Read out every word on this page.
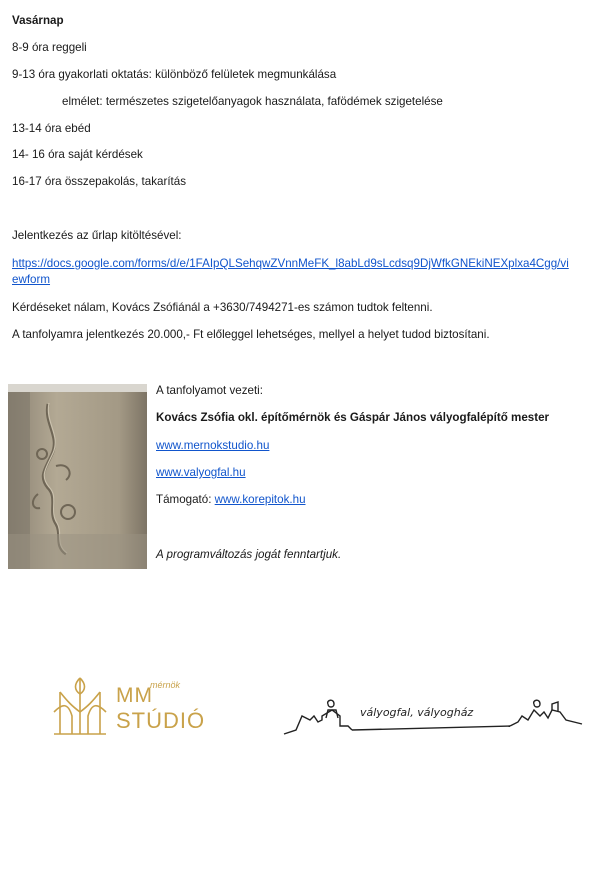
Vasárnap
8-9 óra reggeli
9-13 óra gyakorlati oktatás: különböző felületek megmunkálása
elmélet: természetes szigetelőanyagok használata, fafödémek szigetelése
13-14 óra ebéd
14- 16 óra saját kérdések
16-17 óra összepakolás, takarítás
Jelentkezés az űrlap kitöltésével:
https://docs.google.com/forms/d/e/1FAIpQLSehqwZVnnMeFK_l8abLd9sLcdsq9DjWfkGNEkiNEXplxa4Cgg/viewform
Kérdéseket nálam, Kovács Zsófiánál a +3630/7494271-es számon tudtok feltenni.
A tanfolyamra jelentkezés 20.000,- Ft előleggel lehetséges, mellyel a helyet tudod biztosítani.
A tanfolyamot vezeti:
Kovács Zsófia okl. építőmérnök és Gáspár János vályogfalépítő mester
www.mernokstudio.hu
www.valyogfal.hu
Támogató: www.korepitok.hu
A programváltozás jogát fenntartjuk.
MM
mérnök
STÚDIÓ	vályogfal, vályogház
